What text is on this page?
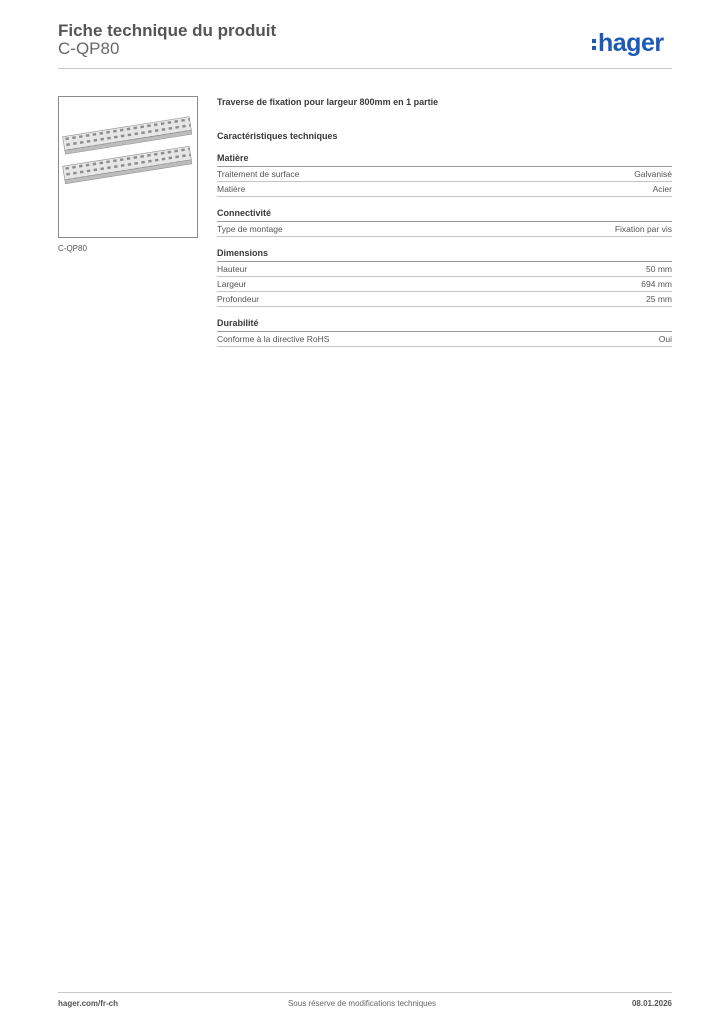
Fiche technique du produit
C-QP80	hager
C-QP80

Traverse de fixation pour largeur 800mm en 1 partie

Caractéristiques techniques

Matière
Traitement de surface	Galvanisé
Matière	Acier
Connectivité
Type de montage	Fixation par vis
Dimensions
Hauteur	50 mm
Largeur	694 mm
Profondeur	25 mm
Durabilité
Conforme à la directive RoHS	Oui
hager.com/fr-ch	Sous réserve de modifications techniques	08.01.2026
